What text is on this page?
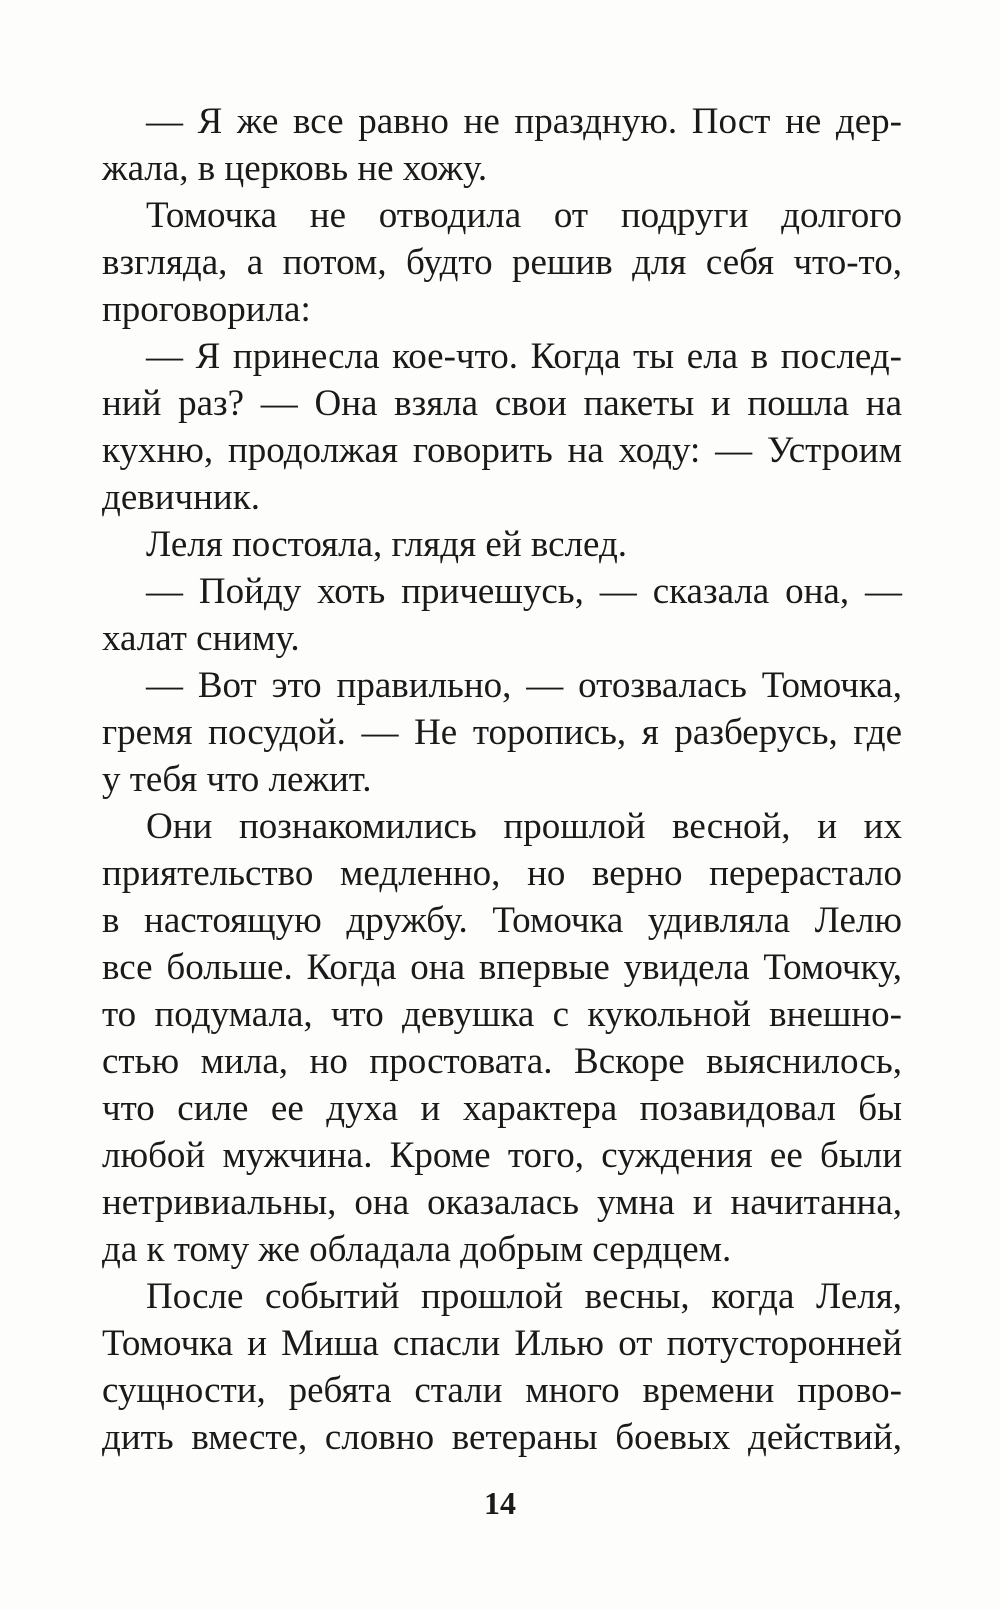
— Я же все равно не праздную. Пост не дер-
жала, в церковь не хожу.
Томочка не отводила от подруги долгого
взгляда, а потом, будто решив для себя что-то,
проговорила:
— Я принесла кое-что. Когда ты ела в послед-
ний раз? — Она взяла свои пакеты и пошла на
кухню, продолжая говорить на ходу: — Устроим
девичник.
Леля постояла, глядя ей вслед.
— Пойду хоть причешусь, — сказала она, —
халат сниму.
— Вот это правильно, — отозвалась Томочка,
гремя посудой. — Не торопись, я разберусь, где
у тебя что лежит.
Они познакомились прошлой весной, и их
приятельство медленно, но верно перерастало
в настоящую дружбу. Томочка удивляла Лелю
все больше. Когда она впервые увидела Томочку,
то подумала, что девушка с кукольной внешно-
стью мила, но простовата. Вскоре выяснилось,
что силе ее духа и характера позавидовал бы
любой мужчина. Кроме того, суждения ее были
нетривиальны, она оказалась умна и начитанна,
да к тому же обладала добрым сердцем.
После событий прошлой весны, когда Леля,
Томочка и Миша спасли Илью от потусторонней
сущности, ребята стали много времени прово-
дить вместе, словно ветераны боевых действий,
14
